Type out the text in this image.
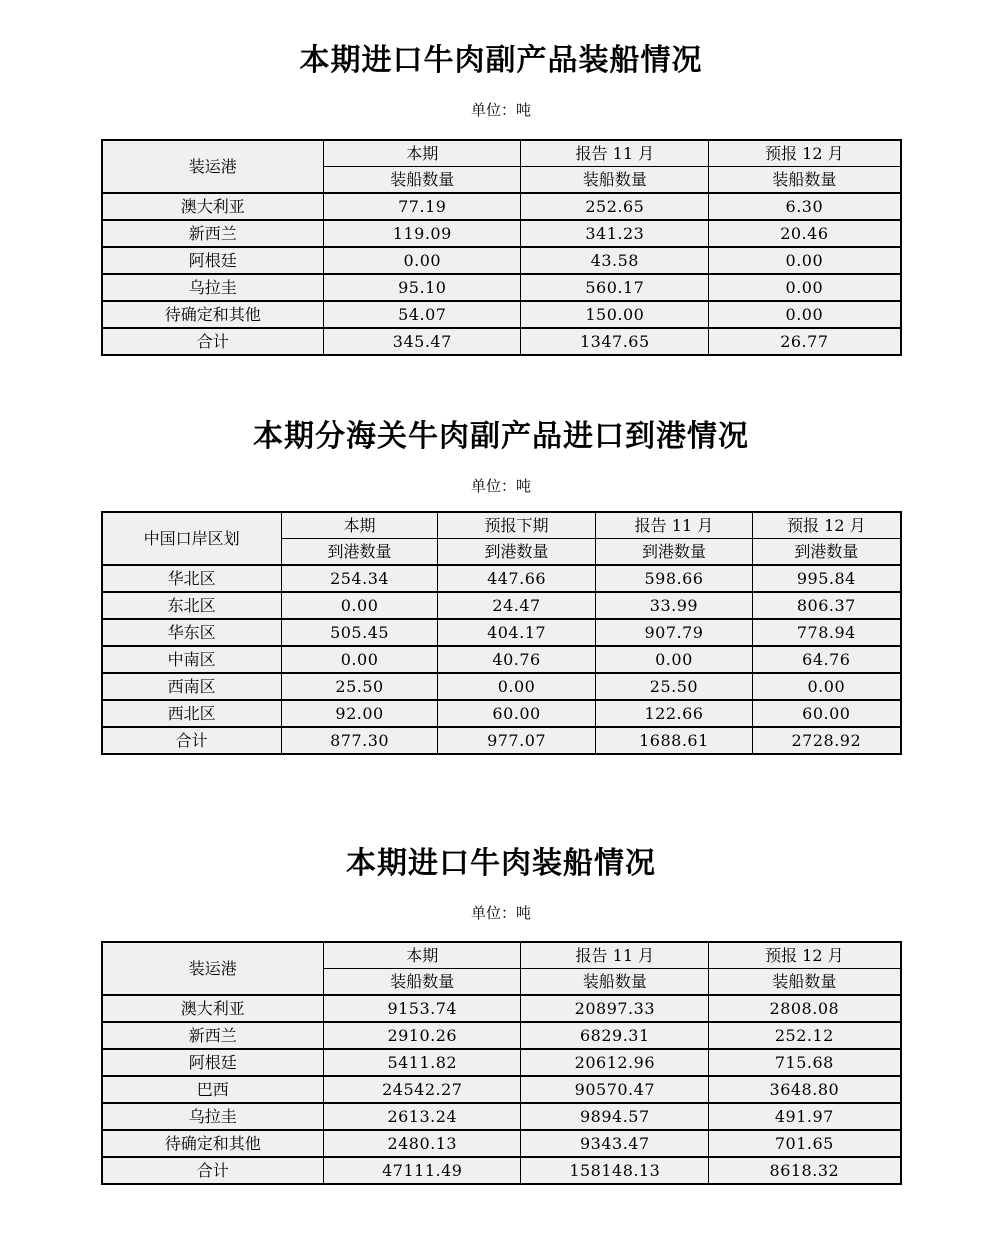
本期进口牛肉副产品装船情况
单位：吨
装运港	本期	报告 11 月	预报 12 月
	装船数量	装船数量	装船数量
澳大利亚	77.19	252.65	6.30
新西兰	119.09	341.23	20.46
阿根廷	0.00	43.58	0.00
乌拉圭	95.10	560.17	0.00
待确定和其他	54.07	150.00	0.00
合计	345.47	1347.65	26.77
本期分海关牛肉副产品进口到港情况
单位：吨
中国口岸区划	本期	预报下期	报告 11 月	预报 12 月
	到港数量	到港数量	到港数量	到港数量
华北区	254.34	447.66	598.66	995.84
东北区	0.00	24.47	33.99	806.37
华东区	505.45	404.17	907.79	778.94
中南区	0.00	40.76	0.00	64.76
西南区	25.50	0.00	25.50	0.00
西北区	92.00	60.00	122.66	60.00
合计	877.30	977.07	1688.61	2728.92
本期进口牛肉装船情况
单位：吨
装运港	本期	报告 11 月	预报 12 月
	装船数量	装船数量	装船数量
澳大利亚	9153.74	20897.33	2808.08
新西兰	2910.26	6829.31	252.12
阿根廷	5411.82	20612.96	715.68
巴西	24542.27	90570.47	3648.80
乌拉圭	2613.24	9894.57	491.97
待确定和其他	2480.13	9343.47	701.65
合计	47111.49	158148.13	8618.32
